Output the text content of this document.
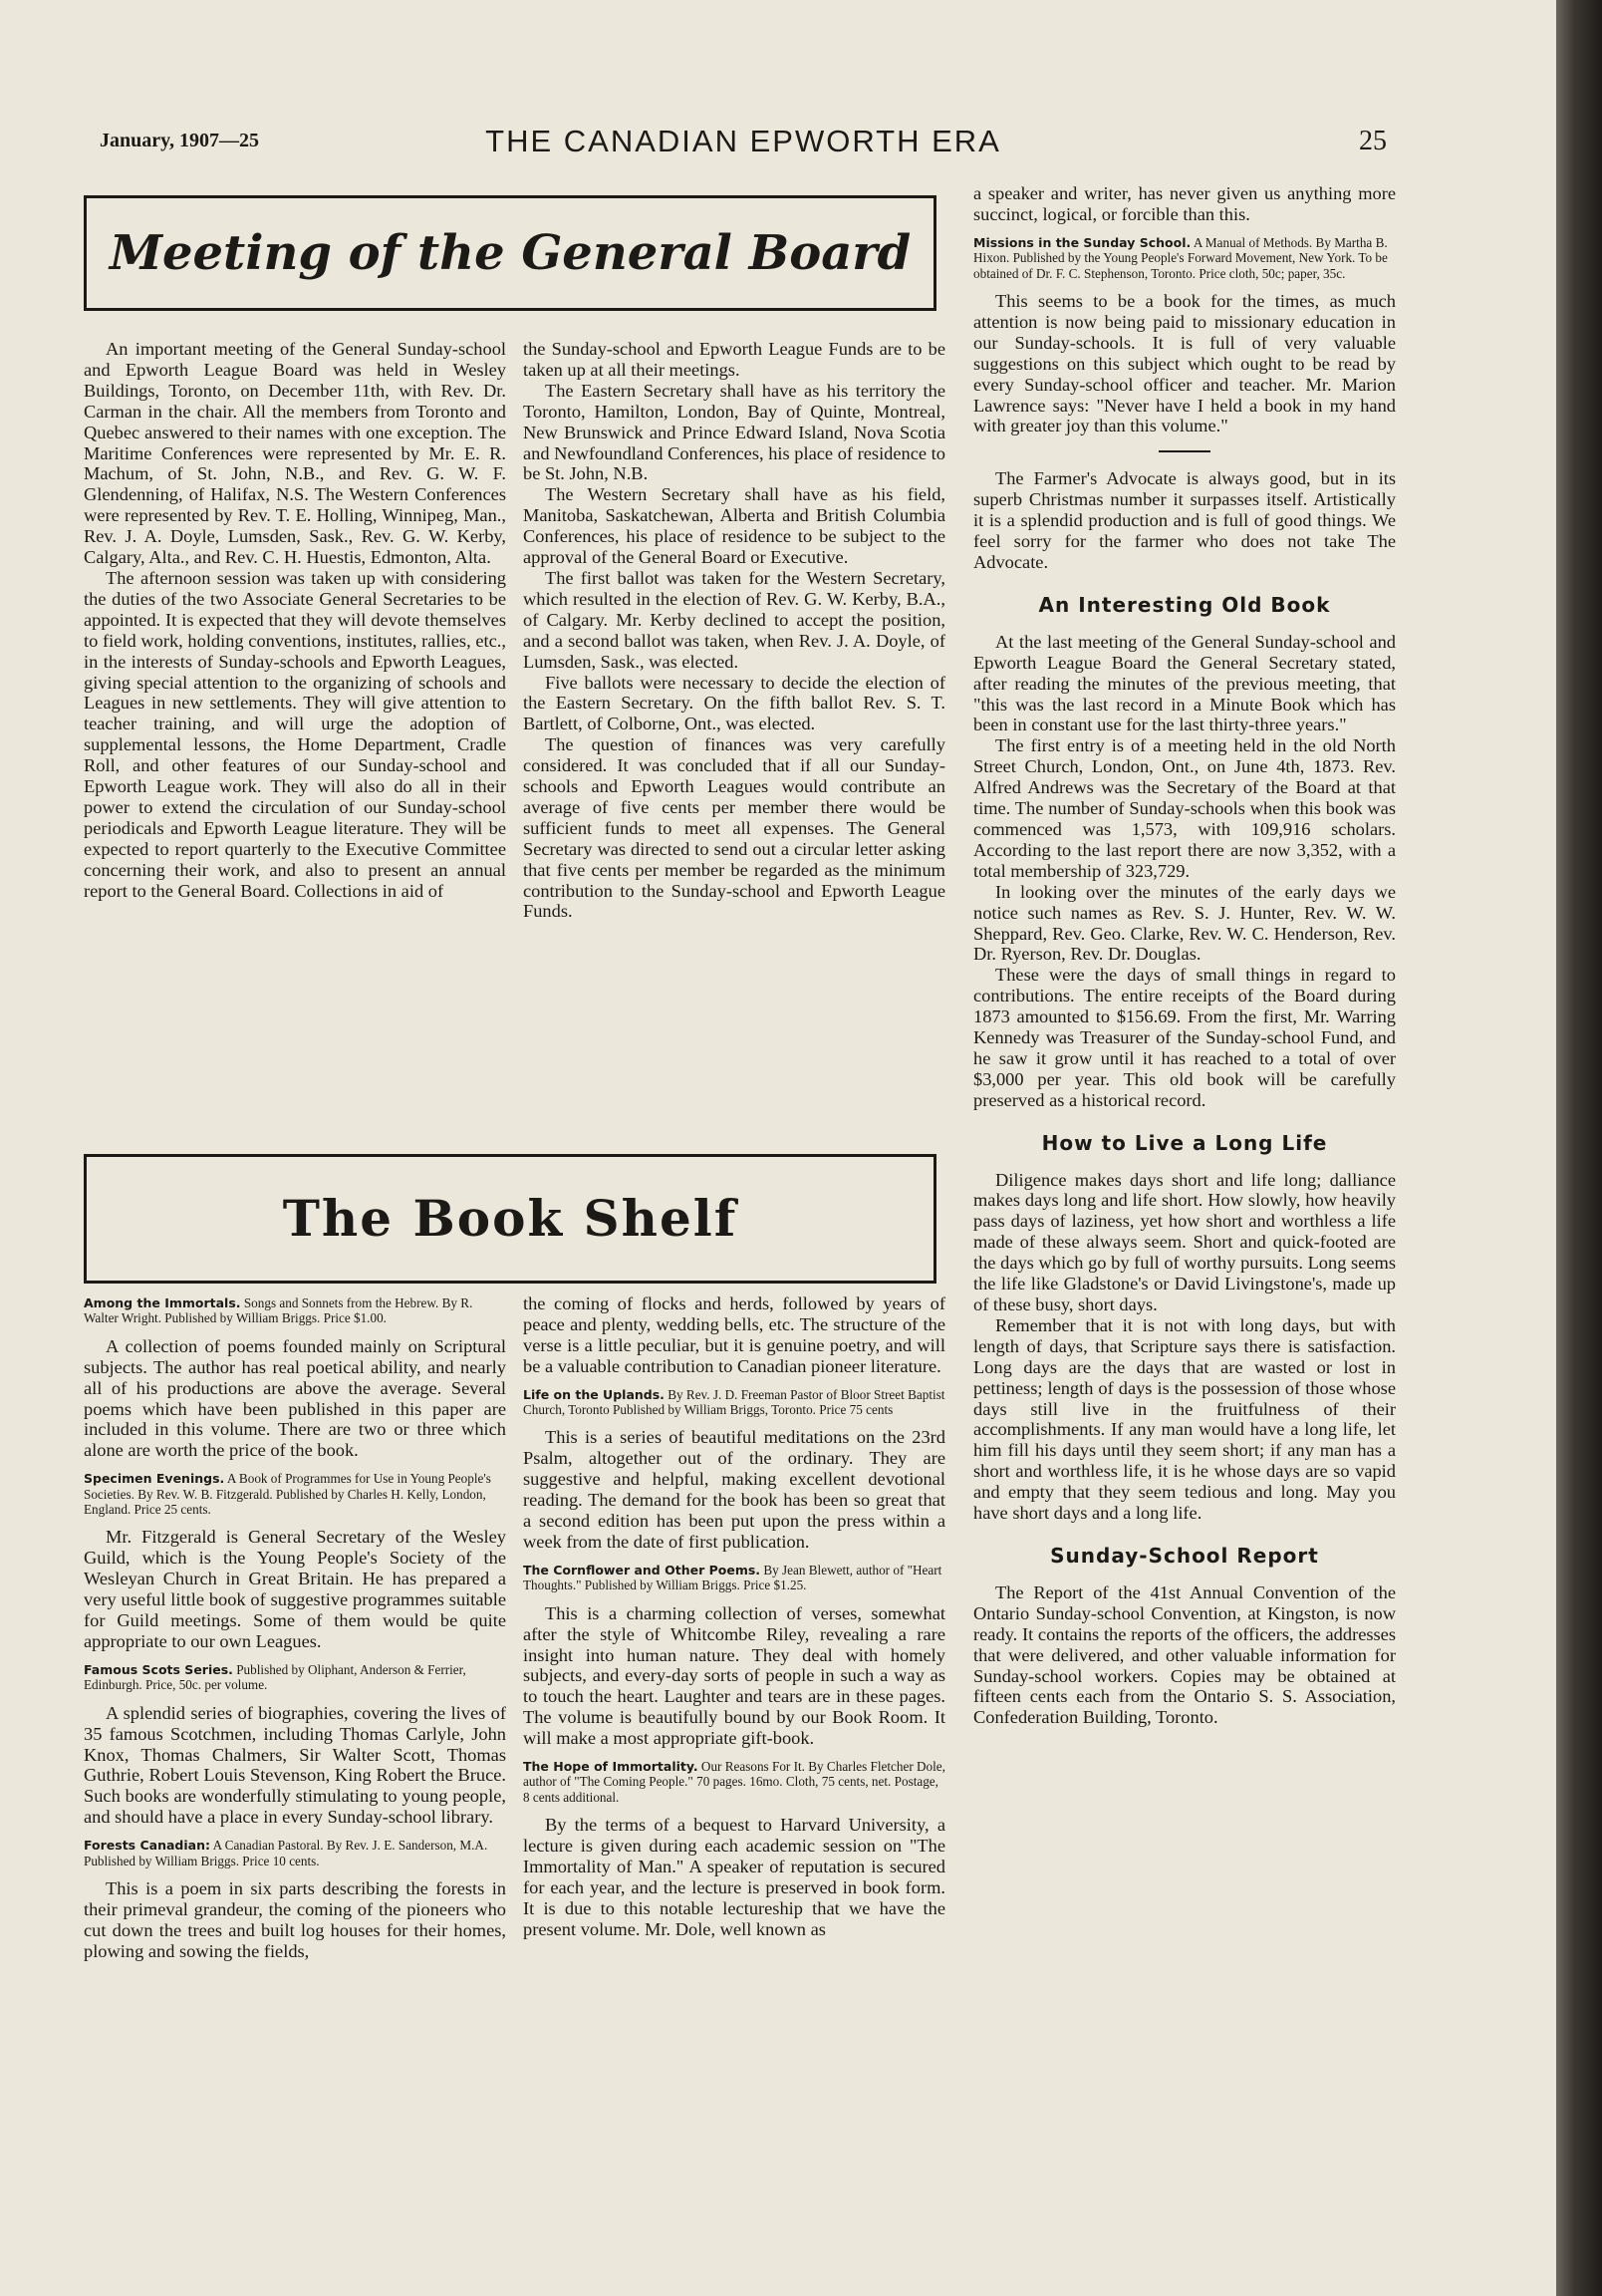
January, 1907—25	THE CANADIAN EPWORTH ERA	25
Meeting of the General Board

An important meeting of the General Sunday-school and Epworth League Board was held in Wesley Buildings, Toronto, on December 11th, with Rev. Dr. Carman in the chair. All the members from Toronto and Quebec answered to their names with one exception. The Maritime Conferences were represented by Mr. E. R. Machum, of St. John, N.B., and Rev. G. W. F. Glendenning, of Halifax, N.S. The Western Conferences were represented by Rev. T. E. Holling, Winnipeg, Man., Rev. J. A. Doyle, Lumsden, Sask., Rev. G. W. Kerby, Calgary, Alta., and Rev. C. H. Huestis, Edmonton, Alta.

The afternoon session was taken up with considering the duties of the two Associate General Secretaries to be appointed. It is expected that they will devote themselves to field work, holding conventions, institutes, rallies, etc., in the interests of Sunday-schools and Epworth Leagues, giving special attention to the organizing of schools and Leagues in new settlements. They will give attention to teacher training, and will urge the adoption of supplemental lessons, the Home Department, Cradle Roll, and other features of our Sunday-school and Epworth League work. They will also do all in their power to extend the circulation of our Sunday-school periodicals and Epworth League literature. They will be expected to report quarterly to the Executive Committee concerning their work, and also to present an annual report to the General Board. Collections in aid of

the Sunday-school and Epworth League Funds are to be taken up at all their meetings.

The Eastern Secretary shall have as his territory the Toronto, Hamilton, London, Bay of Quinte, Montreal, New Brunswick and Prince Edward Island, Nova Scotia and Newfoundland Conferences, his place of residence to be St. John, N.B.

The Western Secretary shall have as his field, Manitoba, Saskatchewan, Alberta and British Columbia Conferences, his place of residence to be subject to the approval of the General Board or Executive.

The first ballot was taken for the Western Secretary, which resulted in the election of Rev. G. W. Kerby, B.A., of Calgary. Mr. Kerby declined to accept the position, and a second ballot was taken, when Rev. J. A. Doyle, of Lumsden, Sask., was elected.

Five ballots were necessary to decide the election of the Eastern Secretary. On the fifth ballot Rev. S. T. Bartlett, of Colborne, Ont., was elected.

The question of finances was very carefully considered. It was concluded that if all our Sunday-schools and Epworth Leagues would contribute an average of five cents per member there would be sufficient funds to meet all expenses. The General Secretary was directed to send out a circular letter asking that five cents per member be regarded as the minimum contribution to the Sunday-school and Epworth League Funds.

The Book Shelf
Among the Immortals. Songs and Sonnets from the Hebrew. By R. Walter Wright. Published by William Briggs. Price $1.00.

A collection of poems founded mainly on Scriptural subjects. The author has real poetical ability, and nearly all of his productions are above the average. Several poems which have been published in this paper are included in this volume. There are two or three which alone are worth the price of the book.

Specimen Evenings. A Book of Programmes for Use in Young People's Societies. By Rev. W. B. Fitzgerald. Published by Charles H. Kelly, London, England. Price 25 cents.

Mr. Fitzgerald is General Secretary of the Wesley Guild, which is the Young People's Society of the Wesleyan Church in Great Britain. He has prepared a very useful little book of suggestive programmes suitable for Guild meetings. Some of them would be quite appropriate to our own Leagues.

Famous Scots Series. Published by Oliphant, Anderson & Ferrier, Edinburgh. Price, 50c. per volume.

A splendid series of biographies, covering the lives of 35 famous Scotchmen, including Thomas Carlyle, John Knox, Thomas Chalmers, Sir Walter Scott, Thomas Guthrie, Robert Louis Stevenson, King Robert the Bruce. Such books are wonderfully stimulating to young people, and should have a place in every Sunday-school library.

Forests Canadian: A Canadian Pastoral. By Rev. J. E. Sanderson, M.A. Published by William Briggs. Price 10 cents.

This is a poem in six parts describing the forests in their primeval grandeur, the coming of the pioneers who cut down the trees and built log houses for their homes, plowing and sowing the fields,

the coming of flocks and herds, followed by years of peace and plenty, wedding bells, etc. The structure of the verse is a little peculiar, but it is genuine poetry, and will be a valuable contribution to Canadian pioneer literature.

Life on the Uplands. By Rev. J. D. Freeman Pastor of Bloor Street Baptist Church, Toronto Published by William Briggs, Toronto. Price 75 cents

This is a series of beautiful meditations on the 23rd Psalm, altogether out of the ordinary. They are suggestive and helpful, making excellent devotional reading. The demand for the book has been so great that a second edition has been put upon the press within a week from the date of first publication.

The Cornflower and Other Poems. By Jean Blewett, author of "Heart Thoughts." Published by William Briggs. Price $1.25.

This is a charming collection of verses, somewhat after the style of Whitcombe Riley, revealing a rare insight into human nature. They deal with homely subjects, and every-day sorts of people in such a way as to touch the heart. Laughter and tears are in these pages. The volume is beautifully bound by our Book Room. It will make a most appropriate gift-book.

The Hope of Immortality. Our Reasons For It. By Charles Fletcher Dole, author of "The Coming People." 70 pages. 16mo. Cloth, 75 cents, net. Postage, 8 cents additional.

By the terms of a bequest to Harvard University, a lecture is given during each academic session on "The Immortality of Man." A speaker of reputation is secured for each year, and the lecture is preserved in book form. It is due to this notable lectureship that we have the present volume. Mr. Dole, well known as

a speaker and writer, has never given us anything more succinct, logical, or forcible than this.

Missions in the Sunday School. A Manual of Methods. By Martha B. Hixon. Published by the Young People's Forward Movement, New York. To be obtained of Dr. F. C. Stephenson, Toronto. Price cloth, 50c; paper, 35c.

This seems to be a book for the times, as much attention is now being paid to missionary education in our Sunday-schools. It is full of very valuable suggestions on this subject which ought to be read by every Sunday-school officer and teacher. Mr. Marion Lawrence says: "Never have I held a book in my hand with greater joy than this volume."

The Farmer's Advocate is always good, but in its superb Christmas number it surpasses itself. Artistically it is a splendid production and is full of good things. We feel sorry for the farmer who does not take The Advocate.

An Interesting Old Book

At the last meeting of the General Sunday-school and Epworth League Board the General Secretary stated, after reading the minutes of the previous meeting, that "this was the last record in a Minute Book which has been in constant use for the last thirty-three years."

The first entry is of a meeting held in the old North Street Church, London, Ont., on June 4th, 1873. Rev. Alfred Andrews was the Secretary of the Board at that time. The number of Sunday-schools when this book was commenced was 1,573, with 109,916 scholars. According to the last report there are now 3,352, with a total membership of 323,729.

In looking over the minutes of the early days we notice such names as Rev. S. J. Hunter, Rev. W. W. Sheppard, Rev. Geo. Clarke, Rev. W. C. Henderson, Rev. Dr. Ryerson, Rev. Dr. Douglas.

These were the days of small things in regard to contributions. The entire receipts of the Board during 1873 amounted to $156.69. From the first, Mr. Warring Kennedy was Treasurer of the Sunday-school Fund, and he saw it grow until it has reached to a total of over $3,000 per year. This old book will be carefully preserved as a historical record.

How to Live a Long Life

Diligence makes days short and life long; dalliance makes days long and life short. How slowly, how heavily pass days of laziness, yet how short and worthless a life made of these always seem. Short and quick-footed are the days which go by full of worthy pursuits. Long seems the life like Gladstone's or David Livingstone's, made up of these busy, short days.

Remember that it is not with long days, but with length of days, that Scripture says there is satisfaction. Long days are the days that are wasted or lost in pettiness; length of days is the possession of those whose days still live in the fruitfulness of their accomplishments. If any man would have a long life, let him fill his days until they seem short; if any man has a short and worthless life, it is he whose days are so vapid and empty that they seem tedious and long. May you have short days and a long life.

Sunday-School Report

The Report of the 41st Annual Convention of the Ontario Sunday-school Convention, at Kingston, is now ready. It contains the reports of the officers, the addresses that were delivered, and other valuable information for Sunday-school workers. Copies may be obtained at fifteen cents each from the Ontario S. S. Association, Confederation Building, Toronto.
